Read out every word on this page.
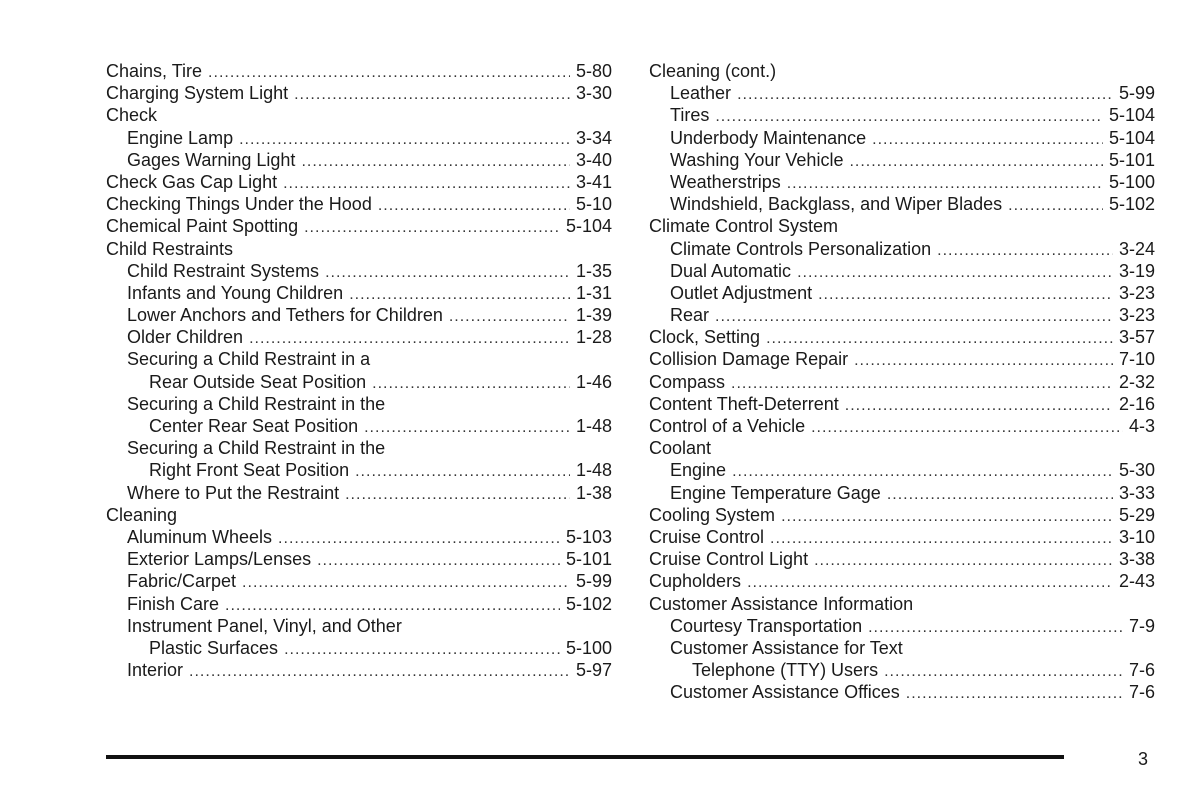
Chains, Tire .....	5-80
Charging System Light .....	3-30
Check
Engine Lamp .....	3-34
Gages Warning Light .....	3-40
Check Gas Cap Light .....	3-41
Checking Things Under the Hood .....	5-10
Chemical Paint Spotting .....	5-104
Child Restraints
Child Restraint Systems .....	1-35
Infants and Young Children .....	1-31
Lower Anchors and Tethers for Children .....	1-39
Older Children .....	1-28
Securing a Child Restraint in a
Rear Outside Seat Position .....	1-46
Securing a Child Restraint in the
Center Rear Seat Position .....	1-48
Securing a Child Restraint in the
Right Front Seat Position .....	1-48
Where to Put the Restraint .....	1-38
Cleaning
Aluminum Wheels .....	5-103
Exterior Lamps/Lenses .....	5-101
Fabric/Carpet .....	5-99
Finish Care .....	5-102
Instrument Panel, Vinyl, and Other
Plastic Surfaces .....	5-100
Interior .....	5-97
Cleaning (cont.)
Leather .....	5-99
Tires .....	5-104
Underbody Maintenance .....	5-104
Washing Your Vehicle .....	5-101
Weatherstrips .....	5-100
Windshield, Backglass, and Wiper Blades .....	5-102
Climate Control System
Climate Controls Personalization .....	3-24
Dual Automatic .....	3-19
Outlet Adjustment .....	3-23
Rear .....	3-23
Clock, Setting .....	3-57
Collision Damage Repair .....	7-10
Compass .....	2-32
Content Theft-Deterrent .....	2-16
Control of a Vehicle .....	4-3
Coolant
Engine .....	5-30
Engine Temperature Gage .....	3-33
Cooling System .....	5-29
Cruise Control .....	3-10
Cruise Control Light .....	3-38
Cupholders .....	2-43
Customer Assistance Information
Courtesy Transportation .....	7-9
Customer Assistance for Text
Telephone (TTY) Users .....	7-6
Customer Assistance Offices .....	7-6
3
